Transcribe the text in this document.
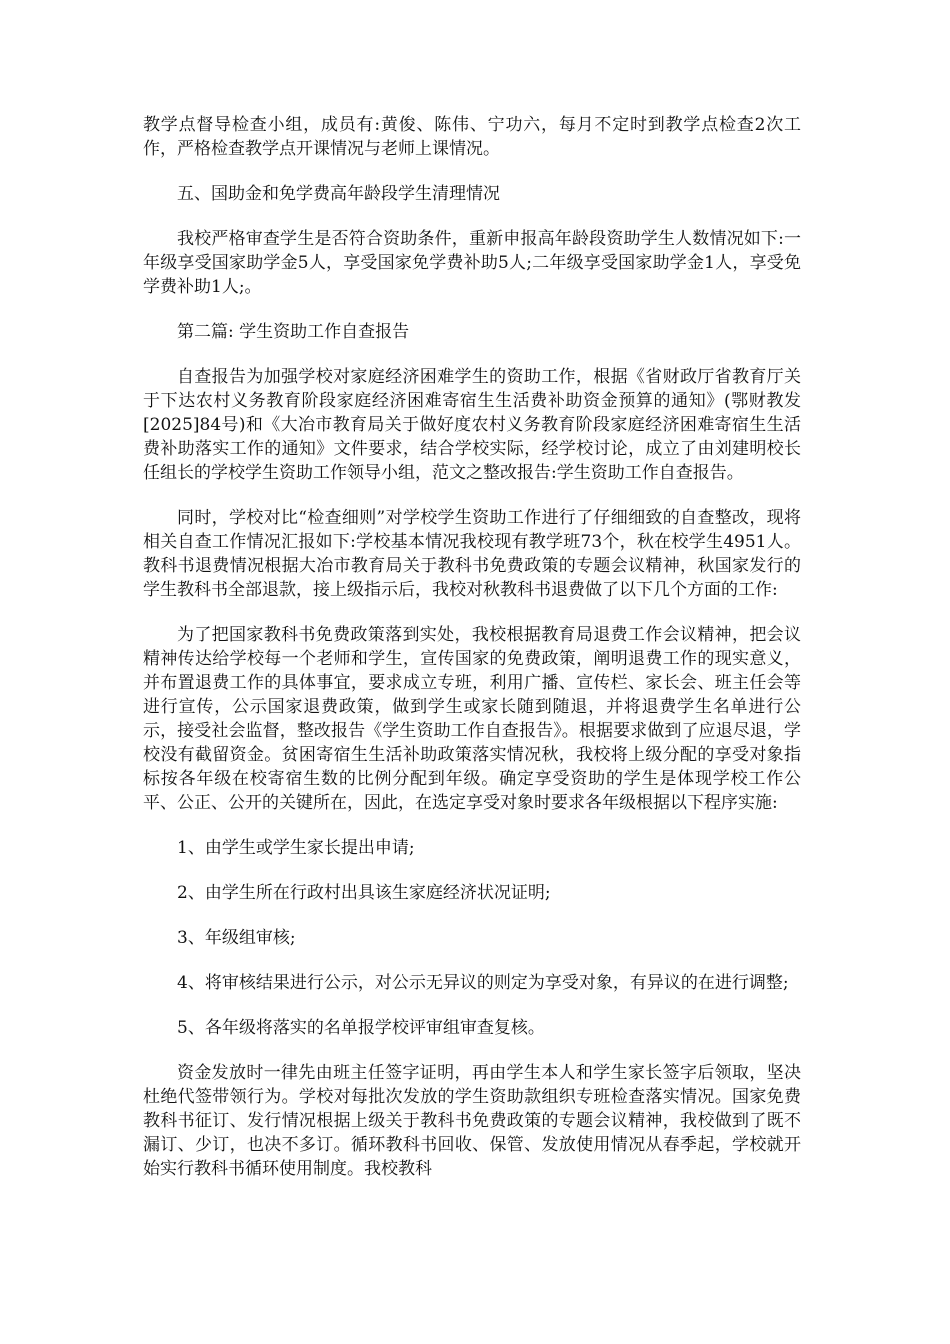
教学点督导检查小组，成员有:黄俊、陈伟、宁功六，每月不定时到教学点检查2次工作，严格检查教学点开课情况与老师上课情况。

五、国助金和免学费高年龄段学生清理情况

我校严格审查学生是否符合资助条件，重新申报高年龄段资助学生人数情况如下:一年级享受国家助学金5人，享受国家免学费补助5人;二年级享受国家助学金1人，享受免学费补助1人;。

第二篇: 学生资助工作自查报告

自查报告为加强学校对家庭经济困难学生的资助工作，根据《省财政厅省教育厅关于下达农村义务教育阶段家庭经济困难寄宿生生活费补助资金预算的通知》(鄂财教发[2025]84号)和《大冶市教育局关于做好度农村义务教育阶段家庭经济困难寄宿生生活费补助落实工作的通知》文件要求，结合学校实际，经学校讨论，成立了由刘建明校长任组长的学校学生资助工作领导小组，范文之整改报告:学生资助工作自查报告。

同时，学校对比“检查细则”对学校学生资助工作进行了仔细细致的自查整改，现将相关自查工作情况汇报如下:学校基本情况我校现有教学班73个，秋在校学生4951人。教科书退费情况根据大冶市教育局关于教科书免费政策的专题会议精神，秋国家发行的学生教科书全部退款，接上级指示后，我校对秋教科书退费做了以下几个方面的工作:

为了把国家教科书免费政策落到实处，我校根据教育局退费工作会议精神，把会议精神传达给学校每一个老师和学生，宣传国家的免费政策，阐明退费工作的现实意义，并布置退费工作的具体事宜，要求成立专班，利用广播、宣传栏、家长会、班主任会等进行宣传，公示国家退费政策，做到学生或家长随到随退，并将退费学生名单进行公示，接受社会监督，整改报告《学生资助工作自查报告》。根据要求做到了应退尽退，学校没有截留资金。贫困寄宿生生活补助政策落实情况秋，我校将上级分配的享受对象指标按各年级在校寄宿生数的比例分配到年级。确定享受资助的学生是体现学校工作公平、公正、公开的关键所在，因此，在选定享受对象时要求各年级根据以下程序实施:

1、由学生或学生家长提出申请;

2、由学生所在行政村出具该生家庭经济状况证明;

3、年级组审核;

4、将审核结果进行公示，对公示无异议的则定为享受对象，有异议的在进行调整;

5、各年级将落实的名单报学校评审组审查复核。

资金发放时一律先由班主任签字证明，再由学生本人和学生家长签字后领取，坚决杜绝代签带领行为。学校对每批次发放的学生资助款组织专班检查落实情况。国家免费教科书征订、发行情况根据上级关于教科书免费政策的专题会议精神，我校做到了既不漏订、少订，也决不多订。循环教科书回收、保管、发放使用情况从春季起，学校就开始实行教科书循环使用制度。我校教科
